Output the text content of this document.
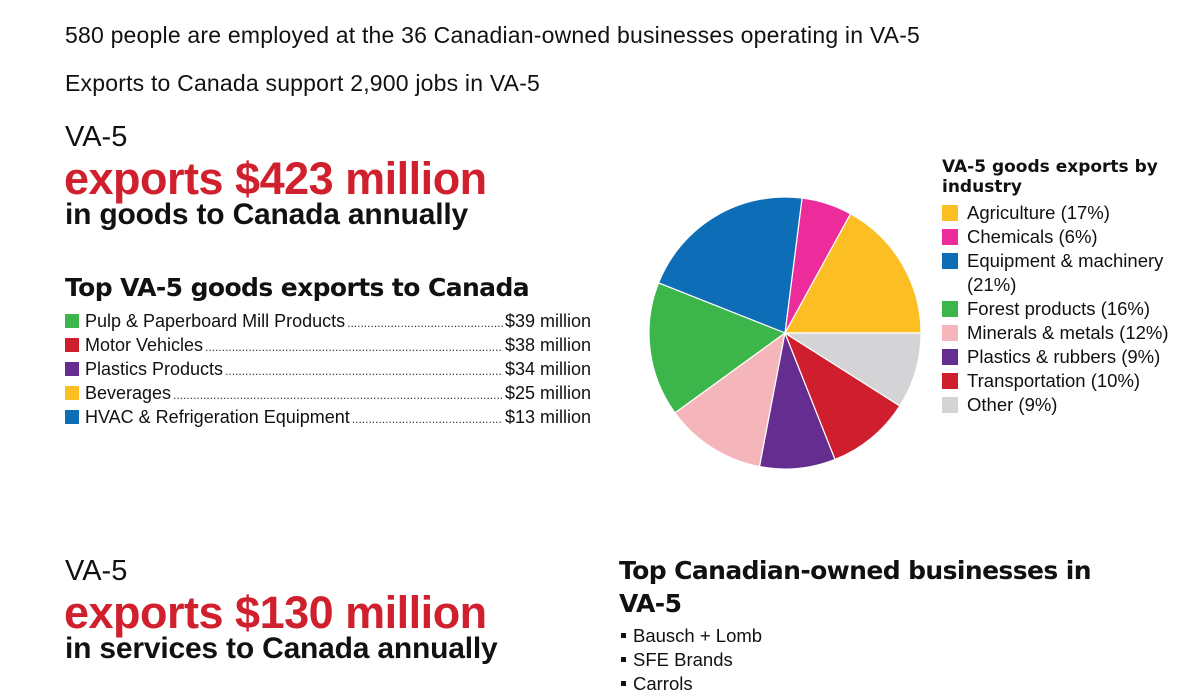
580 people are employed at the 36 Canadian-owned businesses operating in VA-5
Exports to Canada support 2,900 jobs in VA-5
VA-5
exports $423 million
in goods to Canada annually
Top VA-5 goods exports to Canada
Pulp & Paperboard Mill Products .....	$39 million
Motor Vehicles .....	$38 million
Plastics Products .....	$34 million
Beverages .....	$25 million
HVAC & Refrigeration Equipment .....	$13 million
VA-5 goods exports by industry
Agriculture (17%)
Chemicals (6%)
Equipment & machinery (21%)
Forest products (16%)
Minerals & metals (12%)
Plastics & rubbers (9%)
Transportation (10%)
Other (9%)
VA-5
exports $130 million
in services to Canada annually
Top Canadian-owned businesses in
VA-5
Bausch + Lomb
SFE Brands
Carrols
